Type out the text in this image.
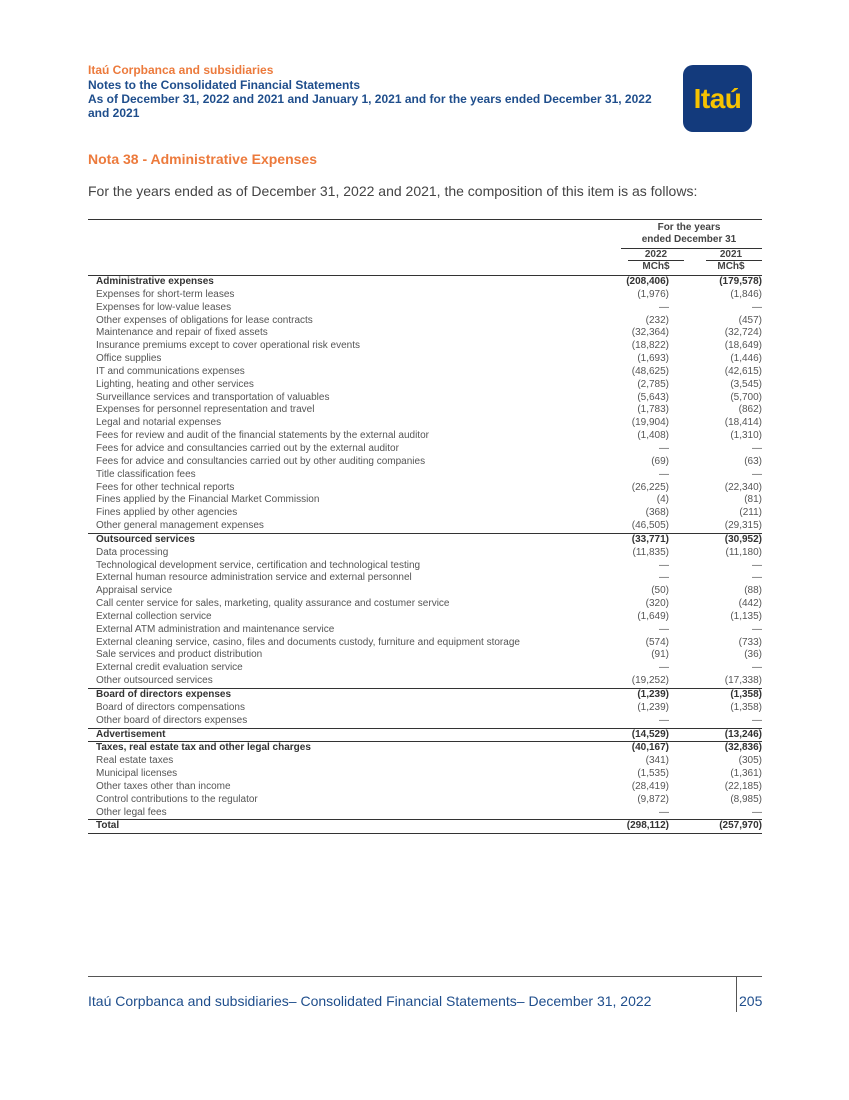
Itaú Corpbanca and subsidiaries
Notes to the Consolidated Financial Statements
As of December 31, 2022 and 2021 and January 1, 2021 and for the years ended December 31, 2022
and 2021	Itaú
Nota 38 - Administrative Expenses
For the years ended as of December 31, 2022 and 2021, the composition of this item is as follows:
For the years
ended December 31
2022	2021
MCh$	MCh$
Administrative expenses	(208,406)	(179,578)
Expenses for short-term leases	(1,976)	(1,846)
Expenses for low-value leases	—	—
Other expenses of obligations for lease contracts	(232)	(457)
Maintenance and repair of fixed assets	(32,364)	(32,724)
Insurance premiums except to cover operational risk events	(18,822)	(18,649)
Office supplies	(1,693)	(1,446)
IT and communications expenses	(48,625)	(42,615)
Lighting, heating and other services	(2,785)	(3,545)
Surveillance services and transportation of valuables	(5,643)	(5,700)
Expenses for personnel representation and travel	(1,783)	(862)
Legal and notarial expenses	(19,904)	(18,414)
Fees for review and audit of the financial statements by the external auditor	(1,408)	(1,310)
Fees for advice and consultancies carried out by the external auditor	—	—
Fees for advice and consultancies carried out by other auditing companies	(69)	(63)
Title classification fees	—	—
Fees for other technical reports	(26,225)	(22,340)
Fines applied by the Financial Market Commission	(4)	(81)
Fines applied by other agencies	(368)	(211)
Other general management expenses	(46,505)	(29,315)
Outsourced services	(33,771)	(30,952)
Data processing	(11,835)	(11,180)
Technological development service, certification and technological testing	—	—
External human resource administration service and external personnel	—	—
Appraisal service	(50)	(88)
Call center service for sales, marketing, quality assurance and costumer service	(320)	(442)
External collection service	(1,649)	(1,135)
External ATM administration and maintenance service	—	—
External cleaning service, casino, files and documents custody, furniture and equipment storage	(574)	(733)
Sale services and product distribution	(91)	(36)
External credit evaluation service	—	—
Other outsourced services	(19,252)	(17,338)
Board of directors expenses	(1,239)	(1,358)
Board of directors compensations	(1,239)	(1,358)
Other board of directors expenses	—	—
Advertisement	(14,529)	(13,246)
Taxes, real estate tax and other legal charges	(40,167)	(32,836)
Real estate taxes	(341)	(305)
Municipal licenses	(1,535)	(1,361)
Other taxes other than income	(28,419)	(22,185)
Control contributions to the regulator	(9,872)	(8,985)
Other legal fees	—	—
Total	(298,112)	(257,970)
Itaú Corpbanca and subsidiaries– Consolidated Financial Statements– December 31, 2022	205
